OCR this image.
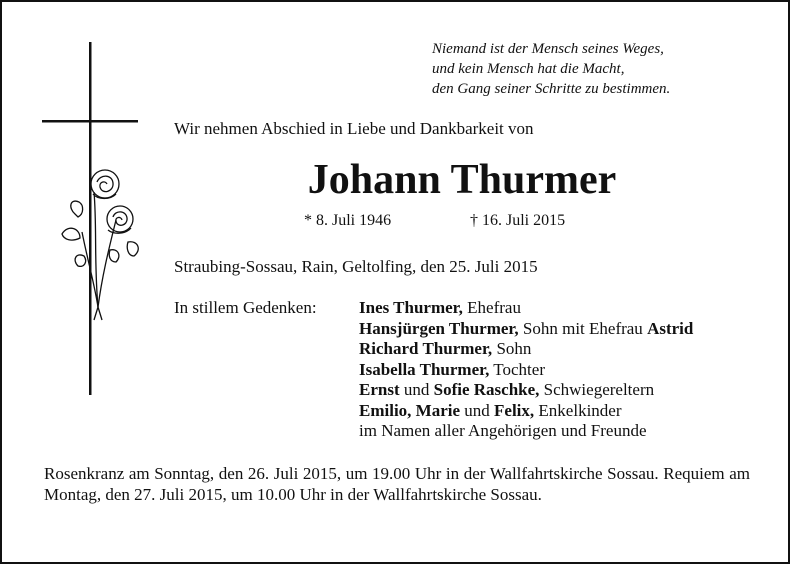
Niemand ist der Mensch seines Weges,
und kein Mensch hat die Macht,
den Gang seiner Schritte zu bestimmen.
Wir nehmen Abschied in Liebe und Dankbarkeit von
Johann Thurmer
* 8. Juli 1946	† 16. Juli 2015
Straubing-Sossau, Rain, Geltolfing, den 25. Juli 2015
In stillem Gedenken: Ines Thurmer, Ehefrau
Hansjürgen Thurmer, Sohn mit Ehefrau Astrid
Richard Thurmer, Sohn
Isabella Thurmer, Tochter
Ernst und Sofie Raschke, Schwiegereltern
Emilio, Marie und Felix, Enkelkinder
im Namen aller Angehörigen und Freunde
Rosenkranz am Sonntag, den 26. Juli 2015, um 19.00 Uhr in der Wallfahrtskirche Sossau. Requiem am Montag, den 27. Juli 2015, um 10.00 Uhr in der Wallfahrtskirche Sossau.
